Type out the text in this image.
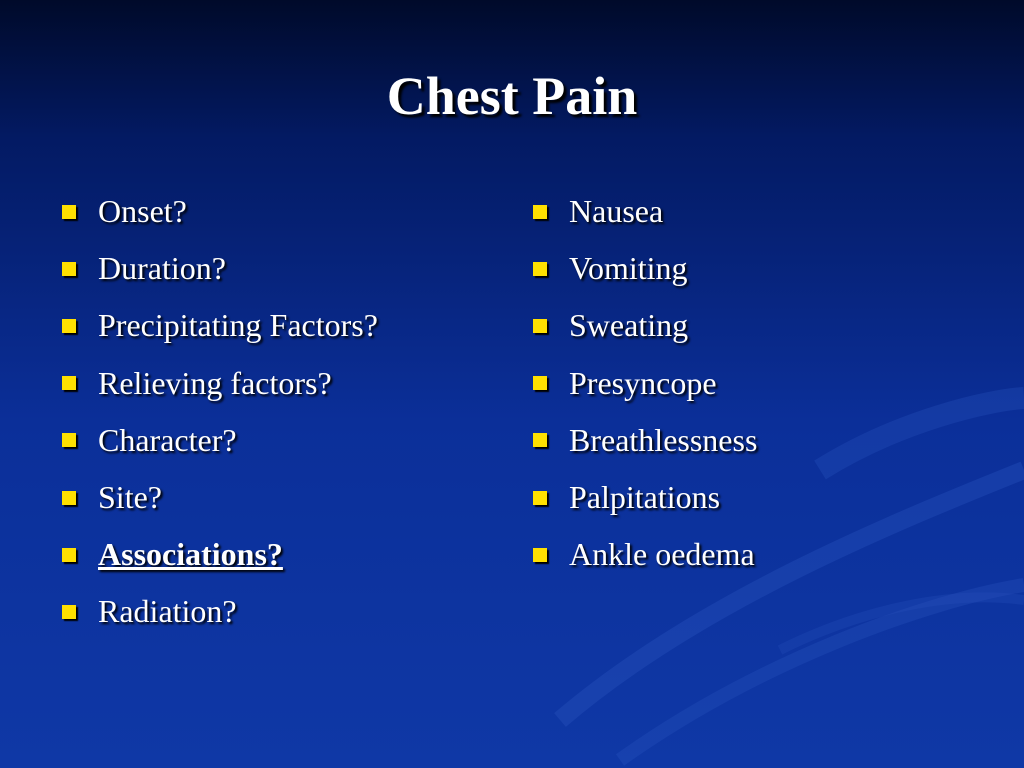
Chest Pain
Onset?
Duration?
Precipitating Factors?
Relieving factors?
Character?
Site?
Associations?
Radiation?
Nausea
Vomiting
Sweating
Presyncope
Breathlessness
Palpitations
Ankle oedema
